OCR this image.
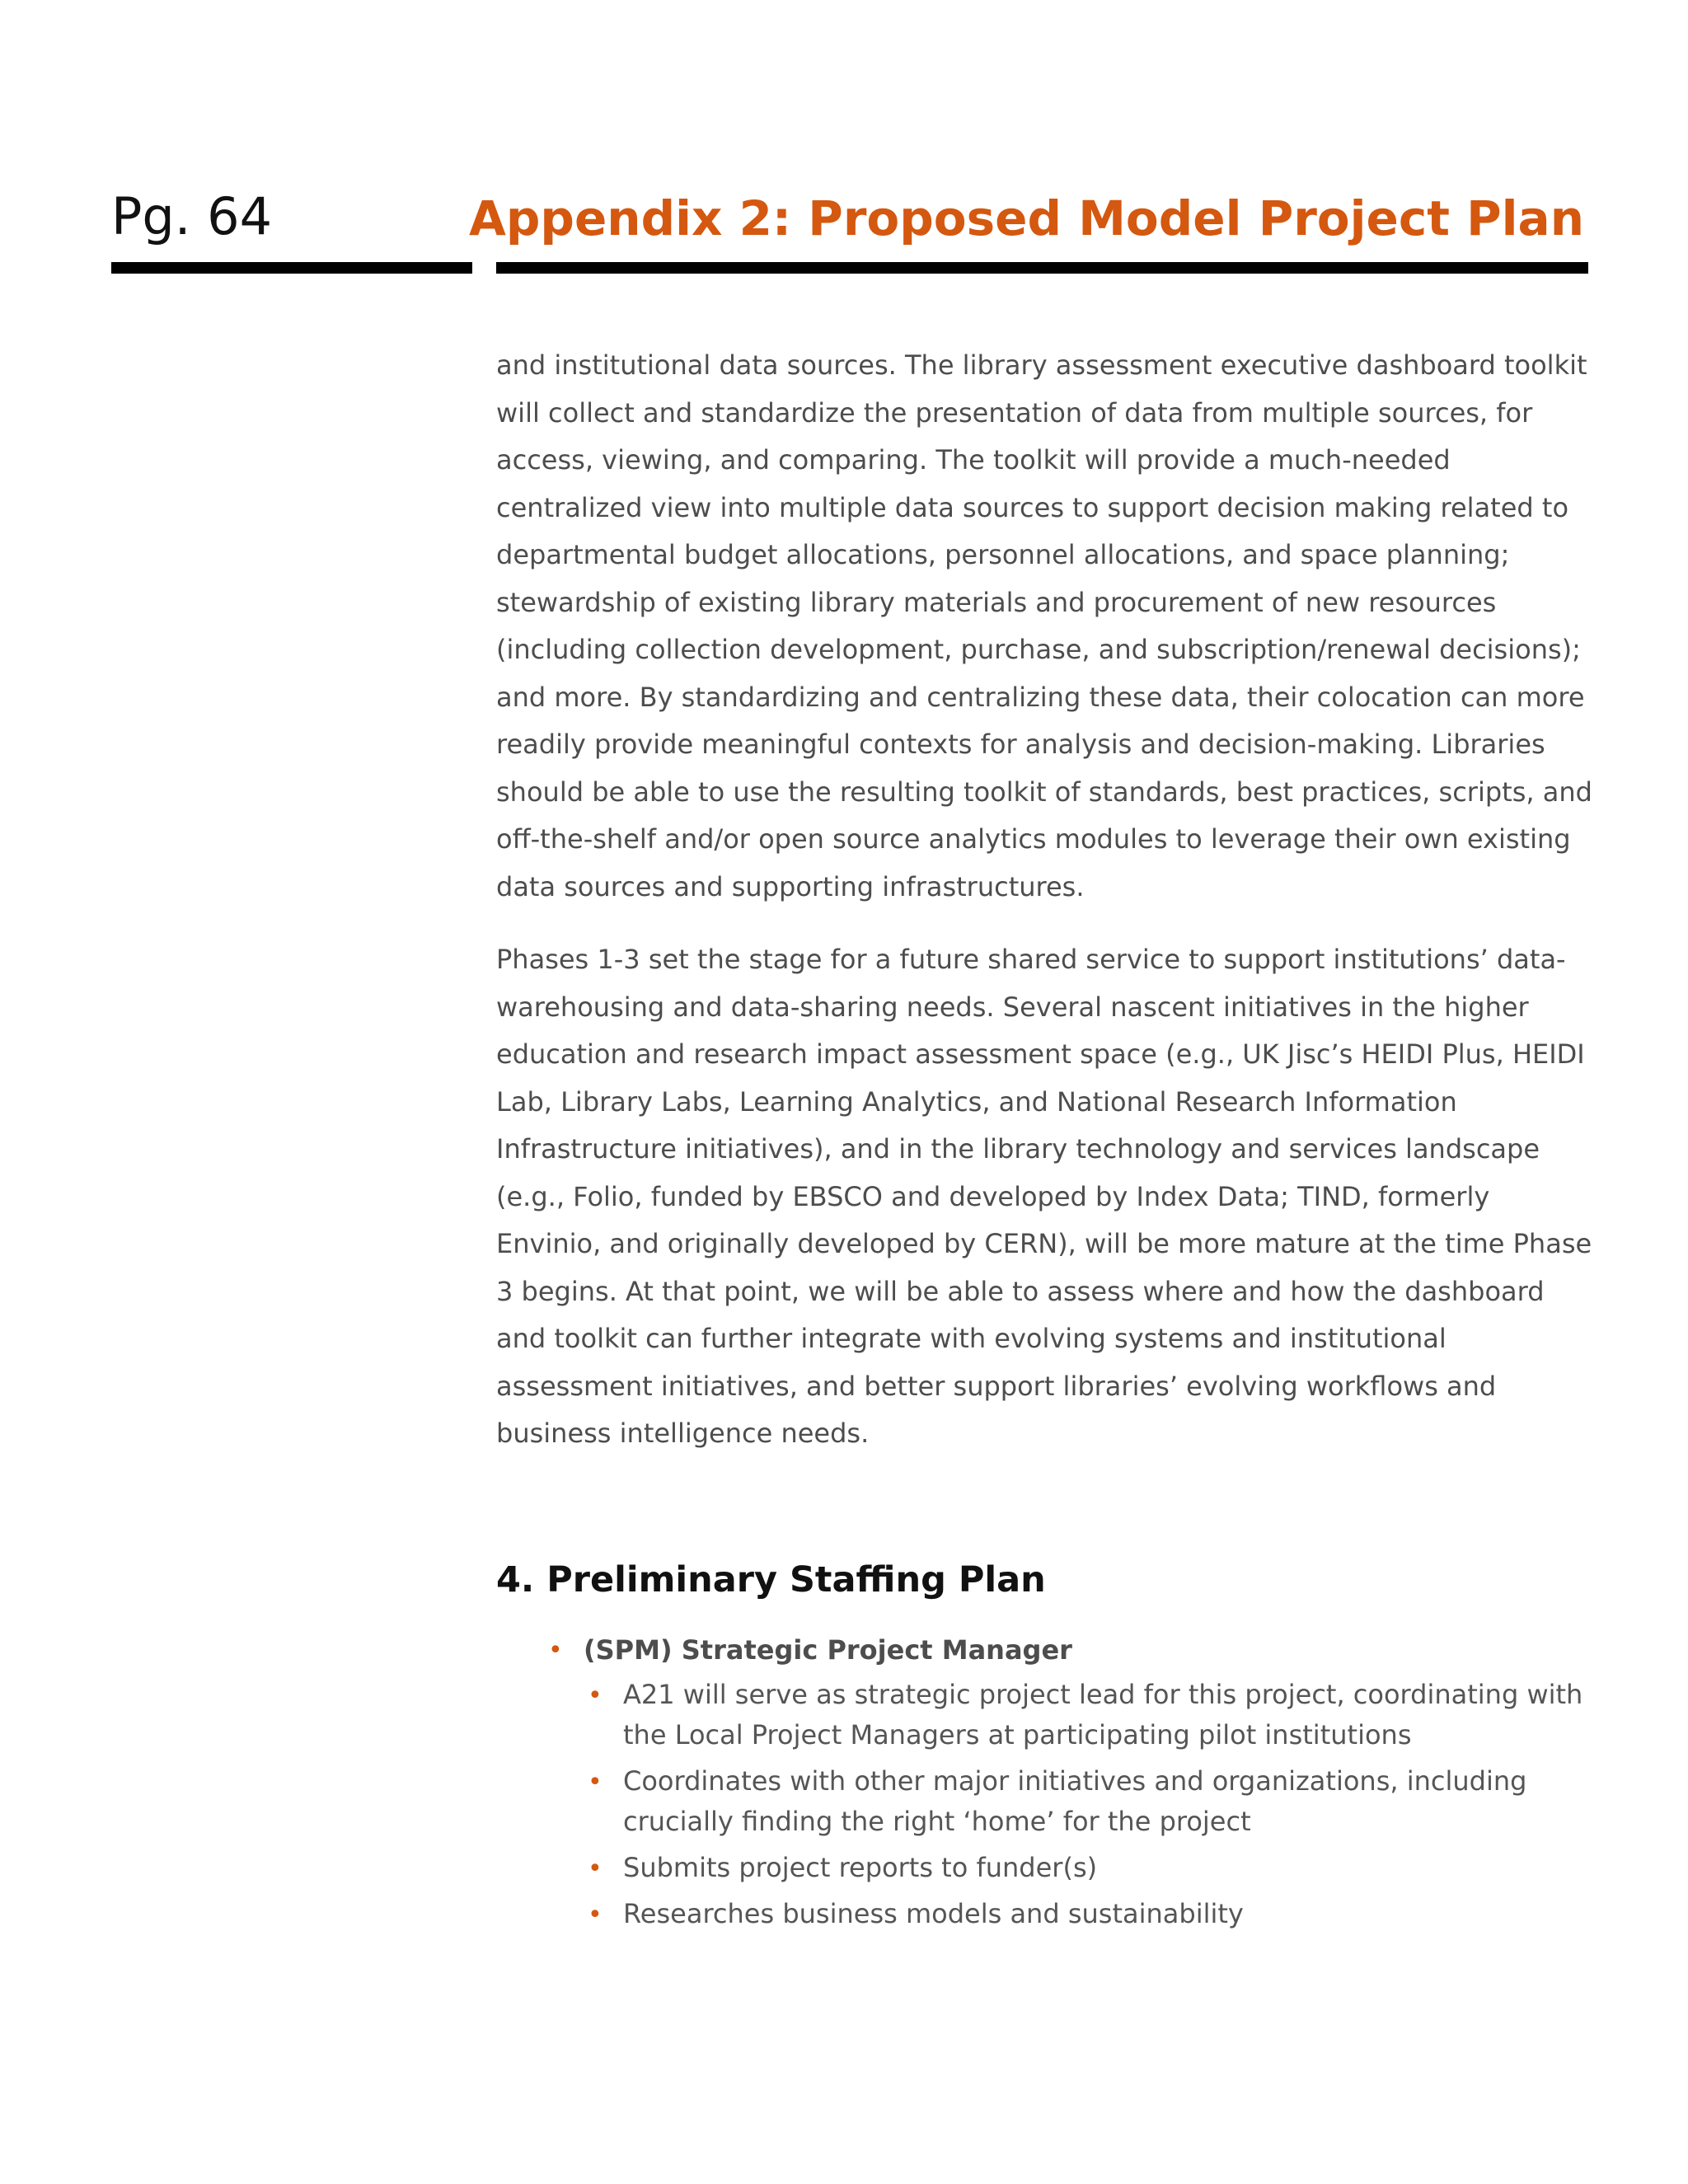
Pg. 64	Appendix 2: Proposed Model Project Plan

and institutional data sources. The library assessment executive dashboard toolkit will collect and standardize the presentation of data from multiple sources, for access, viewing, and comparing. The toolkit will provide a much-needed centralized view into multiple data sources to support decision making related to departmental budget allocations, personnel allocations, and space planning; stewardship of existing library materials and procurement of new resources (including collection development, purchase, and subscription/renewal decisions); and more. By standardizing and centralizing these data, their colocation can more readily provide meaningful contexts for analysis and decision-making. Libraries should be able to use the resulting toolkit of standards, best practices, scripts, and off-the-shelf and/or open source analytics modules to leverage their own existing data sources and supporting infrastructures.

Phases 1-3 set the stage for a future shared service to support institutions’ data-warehousing and data-sharing needs. Several nascent initiatives in the higher education and research impact assessment space (e.g., UK Jisc’s HEIDI Plus, HEIDI Lab, Library Labs, Learning Analytics, and National Research Information Infrastructure initiatives), and in the library technology and services landscape (e.g., Folio, funded by EBSCO and developed by Index Data; TIND, formerly Envinio, and originally developed by CERN), will be more mature at the time Phase 3 begins. At that point, we will be able to assess where and how the dashboard and toolkit can further integrate with evolving systems and institutional assessment initiatives, and better support libraries’ evolving workflows and business intelligence needs.

4. Preliminary Staffing Plan
• (SPM) Strategic Project Manager
• A21 will serve as strategic project lead for this project, coordinating with the Local Project Managers at participating pilot institutions
• Coordinates with other major initiatives and organizations, including crucially finding the right ‘home’ for the project
• Submits project reports to funder(s)
• Researches business models and sustainability
